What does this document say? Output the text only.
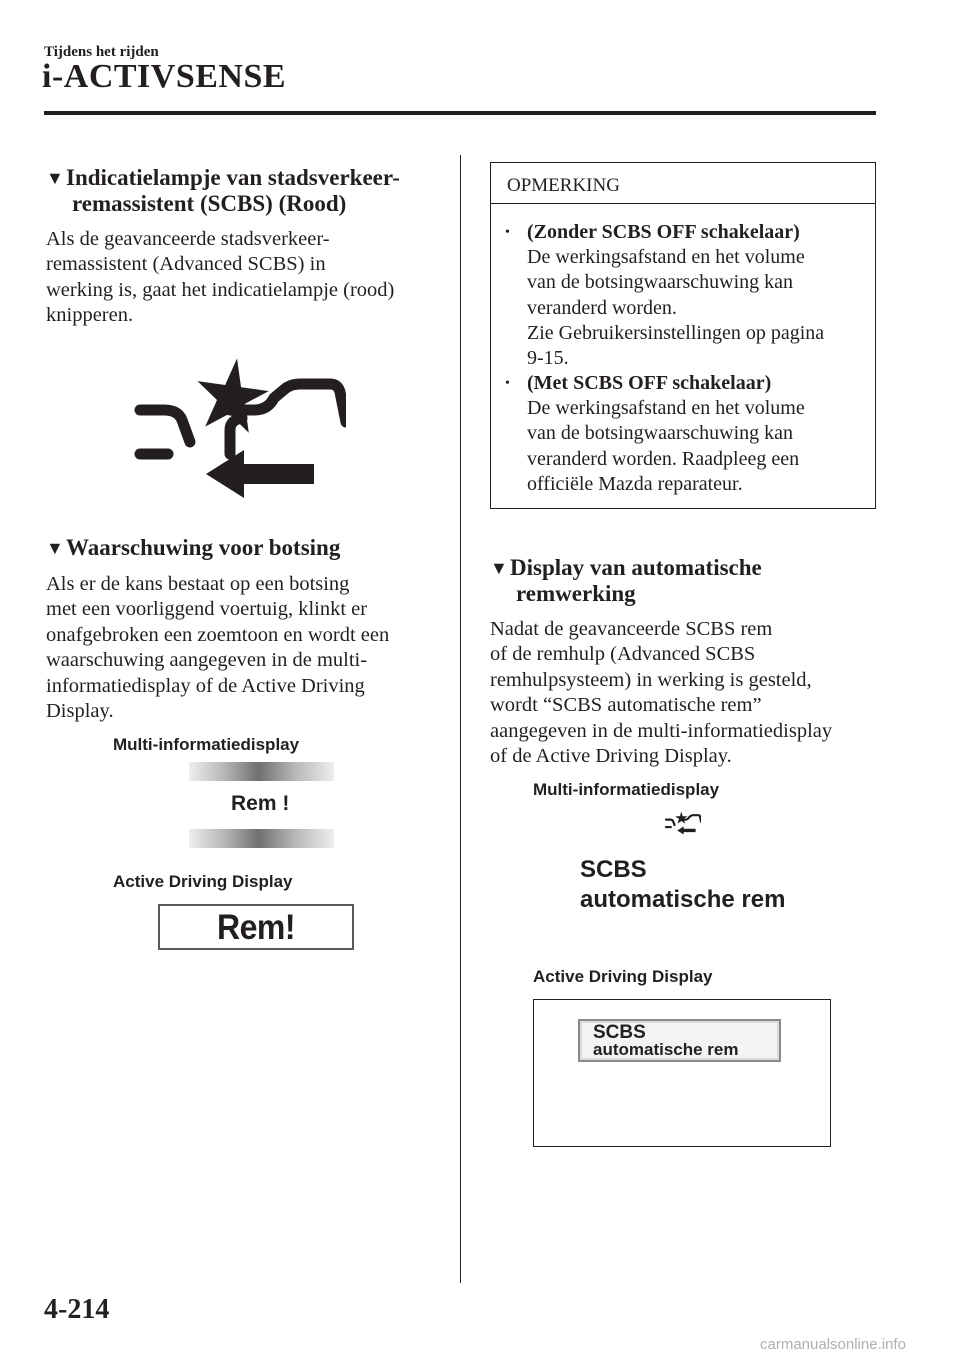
Tijdens het rijden
i-ACTIVSENSE
▼Indicatielampje van stadsverkeer-
remassistent (SCBS) (Rood)
Als de geavanceerde stadsverkeer-
remassistent (Advanced SCBS) in
werking is, gaat het indicatielampje (rood)
knipperen.
▼Waarschuwing voor botsing
Als er de kans bestaat op een botsing
met een voorliggend voertuig, klinkt er
onafgebroken een zoemtoon en wordt een
waarschuwing aangegeven in de multi-
informatiedisplay of de Active Driving
Display.
Multi-informatiedisplay
Rem !
Active Driving Display
Rem!
OPMERKING
• (Zonder SCBS OFF schakelaar)
De werkingsafstand en het volume
van de botsingwaarschuwing kan
veranderd worden.
Zie Gebruikersinstellingen op pagina
9-15.
• (Met SCBS OFF schakelaar)
De werkingsafstand en het volume
van de botsingwaarschuwing kan
veranderd worden. Raadpleeg een
officiële Mazda reparateur.
▼Display van automatische
remwerking
Nadat de geavanceerde SCBS rem
of de remhulp (Advanced SCBS
remhulpsysteem) in werking is gesteld,
wordt “SCBS automatische rem”
aangegeven in de multi-informatiedisplay
of de Active Driving Display.
Multi-informatiedisplay
SCBS
automatische rem
Active Driving Display
SCBS
automatische rem
4-214
carmanualsonline.info
